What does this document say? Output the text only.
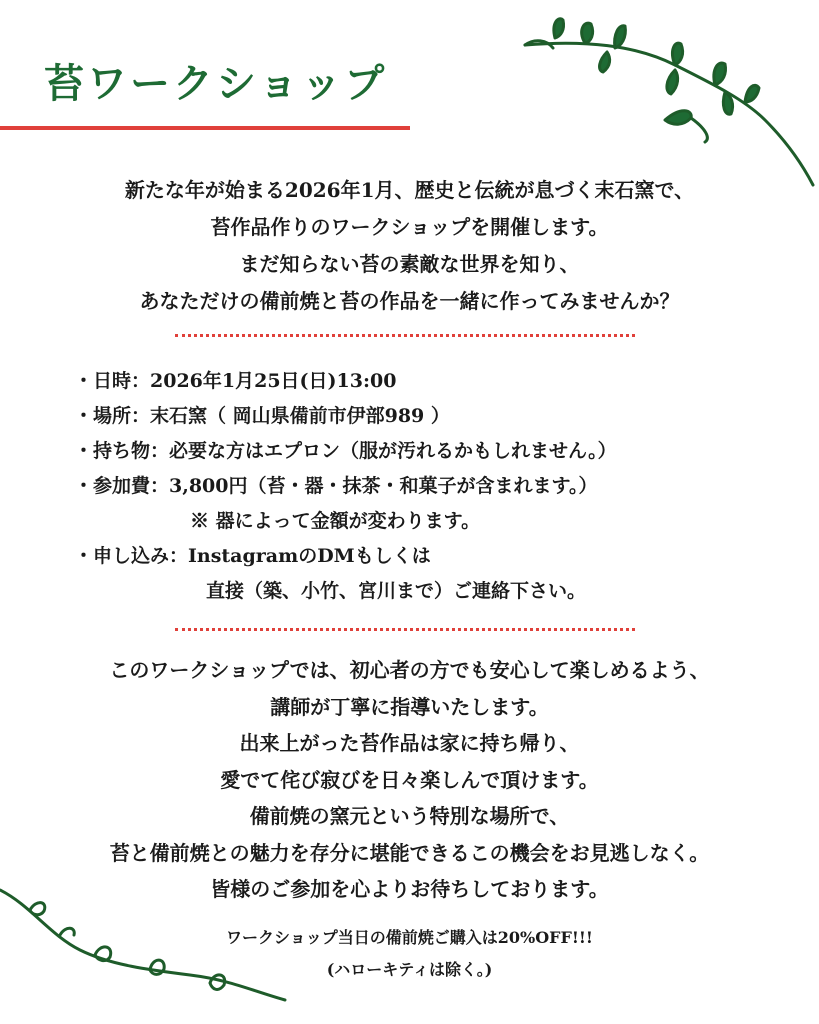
苔ワークショップ
新たな年が始まる2026年1月、歴史と伝統が息づく末石窯で、
苔作品作りのワークショップを開催します。
まだ知らない苔の素敵な世界を知り、
あなただけの備前焼と苔の作品を一緒に作ってみませんか？
・日時：2026年1月25日(日)13:00
・場所：末石窯（ 岡山県備前市伊部989 ）
・持ち物：必要な方はエプロン（服が汚れるかもしれません。）
・参加費：3,800円（苔・器・抹茶・和菓子が含まれます。）
※ 器によって金額が変わります。
・申し込み：InstagramのDMもしくは
直接（築、小竹、宮川まで）ご連絡下さい。
このワークショップでは、初心者の方でも安心して楽しめるよう、
講師が丁寧に指導いたします。
出来上がった苔作品は家に持ち帰り、
愛でて侘び寂びを日々楽しんで頂けます。
備前焼の窯元という特別な場所で、
苔と備前焼との魅力を存分に堪能できるこの機会をお見逃しなく。
皆様のご参加を心よりお待ちしております。
ワークショップ当日の備前焼ご購入は20%OFF!!!
(ハローキティは除く。)
